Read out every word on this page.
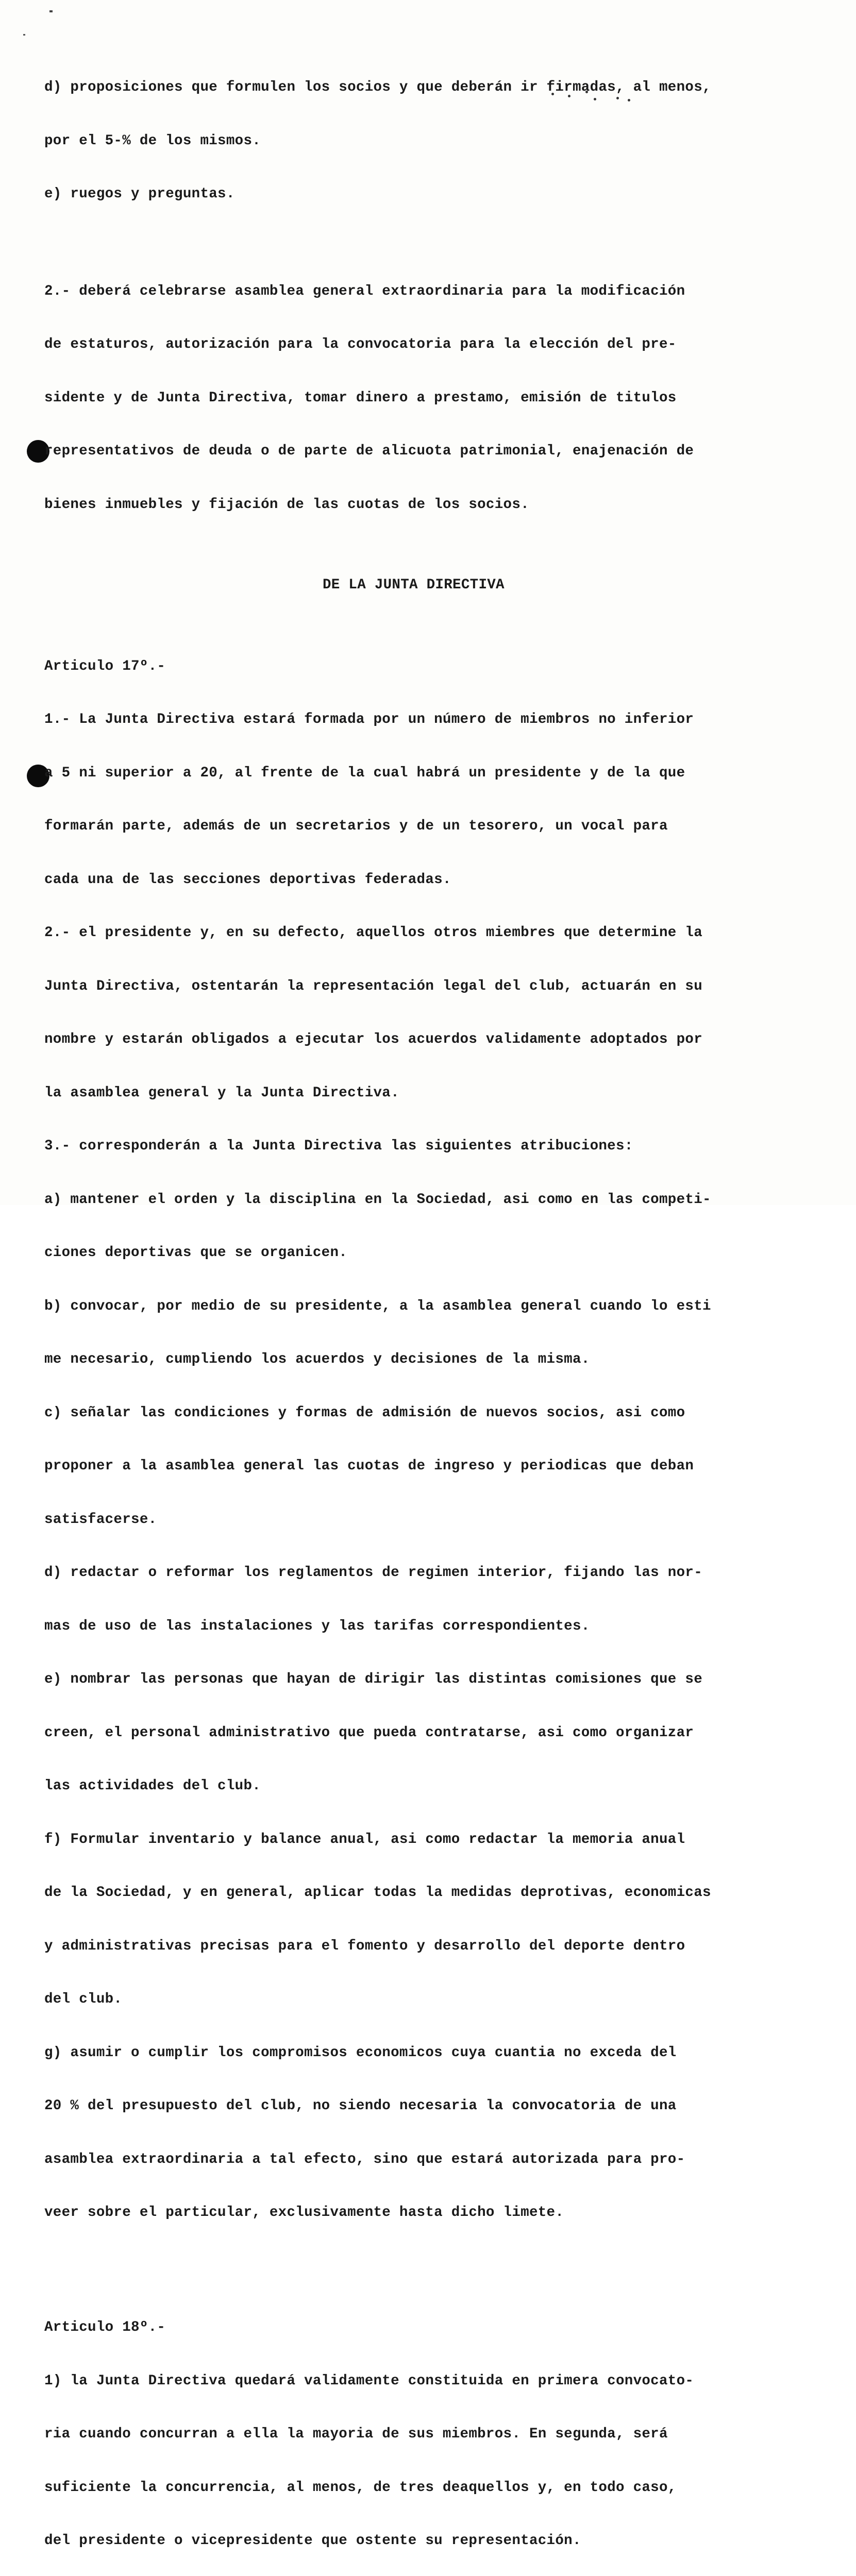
d) proposiciones que formulen los socios y que deberán ir firmadas, al menos,

por el 5-% de los mismos.

e) ruegos y preguntas.

2.- deberá celebrarse asamblea general extraordinaria para la modificación

de estaturos, autorización para la convocatoria para la elección del pre-

sidente y de Junta Directiva, tomar dinero a prestamo, emisión de titulos

representativos de deuda o de parte de alicuota patrimonial, enajenación de

bienes inmuebles y fijación de las cuotas de los socios.

DE LA JUNTA DIRECTIVA

Articulo 17º.-

1.- La Junta Directiva estará formada por un número de miembros no inferior

a 5 ni superior a 20, al frente de la cual habrá un presidente y de la que

formarán parte, además de un secretarios y de un tesorero, un vocal para

cada una de las secciones deportivas federadas.

2.- el presidente y, en su defecto, aquellos otros miembres que determine la

Junta Directiva, ostentarán la representación legal del club, actuarán en su

nombre y estarán obligados a ejecutar los acuerdos validamente adoptados por

la asamblea general y la Junta Directiva.

3.- corresponderán a la Junta Directiva las siguientes atribuciones:

a) mantener el orden y la disciplina en la Sociedad, asi como en las competi-

ciones deportivas que se organicen.

b) convocar, por medio de su presidente, a la asamblea general cuando lo esti

me necesario, cumpliendo los acuerdos y decisiones de la misma.

c) señalar las condiciones y formas de admisión de nuevos socios, asi como

proponer a la asamblea general las cuotas de ingreso y periodicas que deban

satisfacerse.

d) redactar o reformar los reglamentos de regimen interior, fijando las nor-

mas de uso de las instalaciones y las tarifas correspondientes.

e) nombrar las personas que hayan de dirigir las distintas comisiones que se

creen, el personal administrativo que pueda contratarse, asi como organizar

las actividades del club.

f) Formular inventario y balance anual, asi como redactar la memoria anual

de la Sociedad, y en general, aplicar todas la medidas deprotivas, economicas

y administrativas precisas para el fomento y desarrollo del deporte dentro

del club.

g) asumir o cumplir los compromisos economicos cuya cuantia no exceda del

20 % del presupuesto del club, no siendo necesaria la convocatoria de una

asamblea extraordinaria a tal efecto, sino que estará autorizada para pro-

veer sobre el particular, exclusivamente hasta dicho limete.

Articulo 18º.-

1) la Junta Directiva quedará validamente constituida en primera convocato-

ria cuando concurran a ella la mayoria de sus miembros. En segunda, será

suficiente la concurrencia, al menos, de tres deaquellos y, en todo caso,

del presidente o vicepresidente que ostente su representación.
